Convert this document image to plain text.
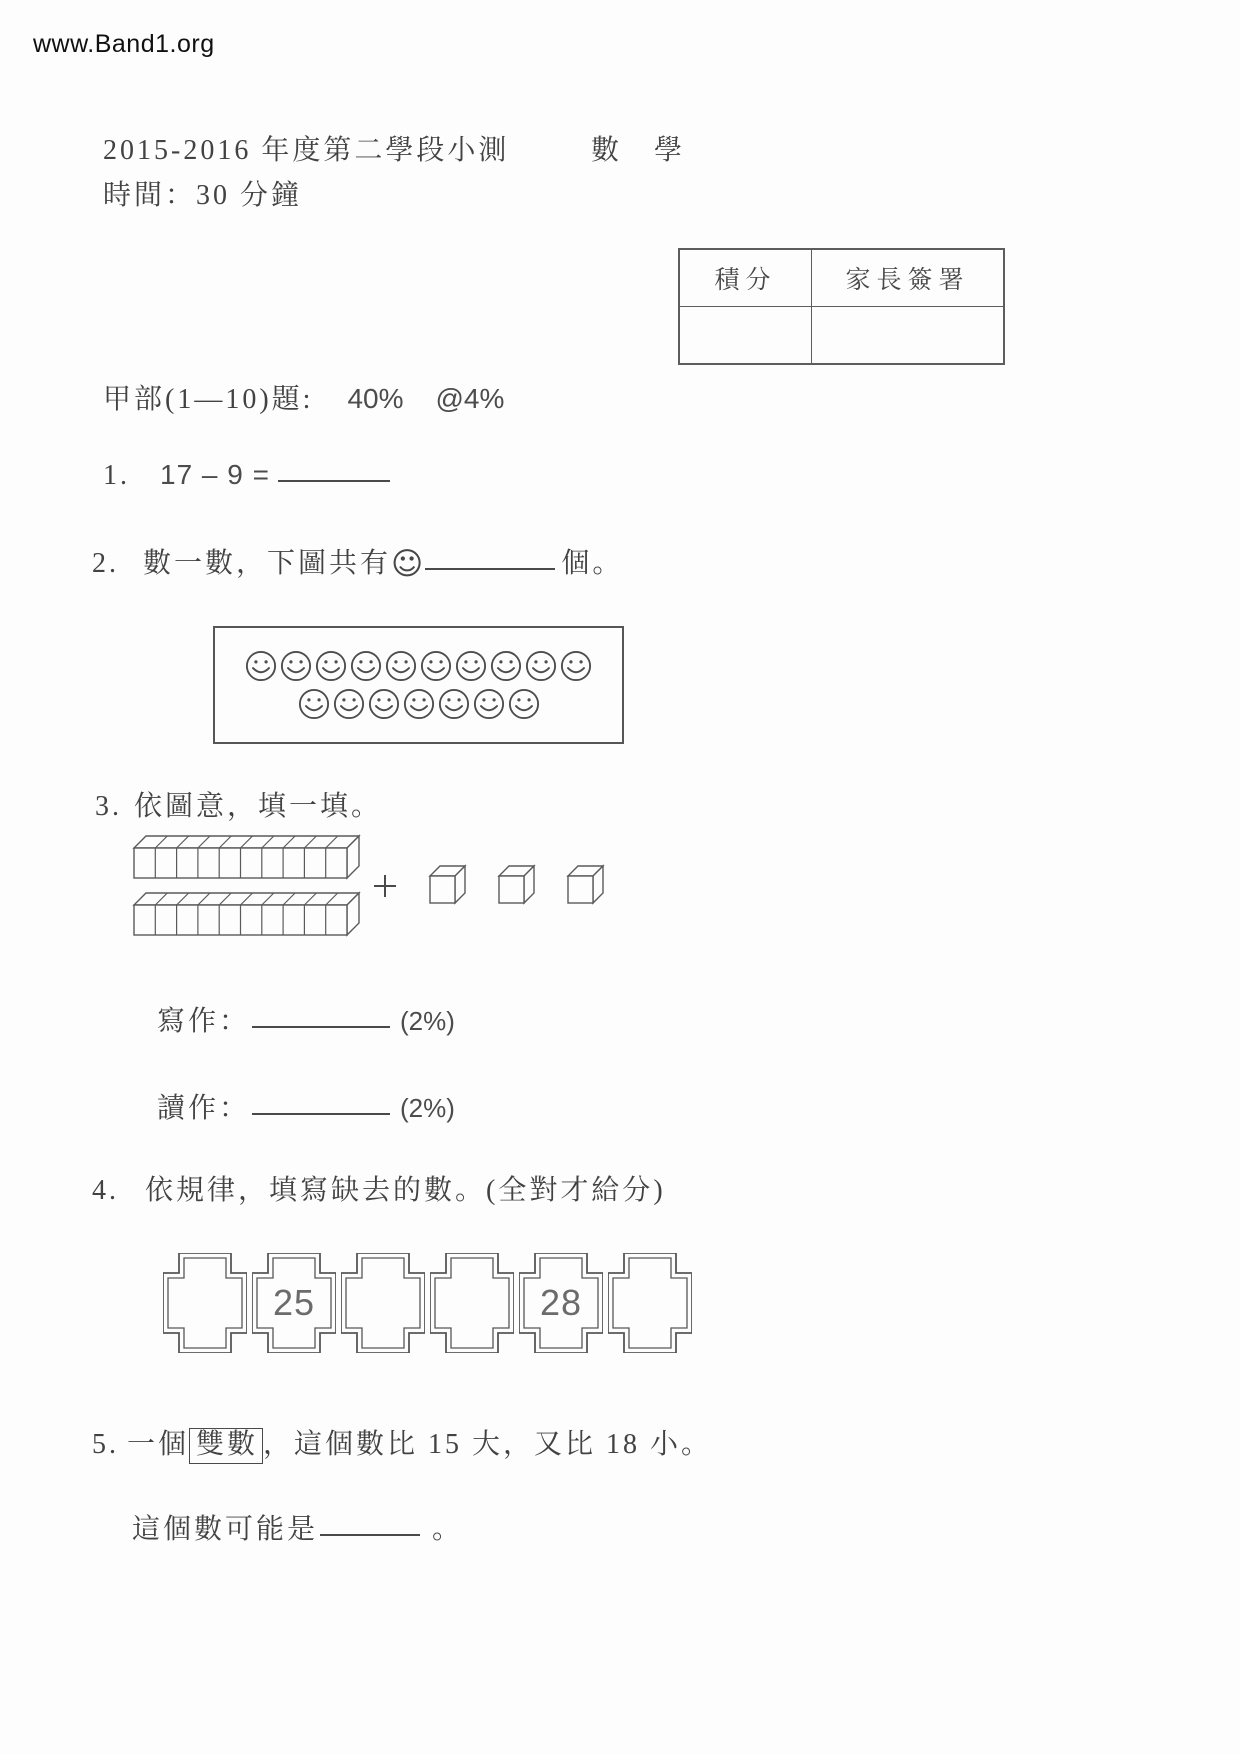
www.Band1.org
2015-2016 年度第二學段小測	數 學
時間：30 分鐘
積分	家長簽署
甲部(1—10)題: 40% @4%
1. 17 – 9 =
2. 數一數，下圖共有 ☺	個。
3. 依圖意，填一填。
寫作：	(2%)
讀作：	(2%)
4. 依規律，填寫缺去的數。(全對才給分)
25	28
5. 一個 雙數 ，這個數比 15 大，又比 18 小。
這個數可能是	。
